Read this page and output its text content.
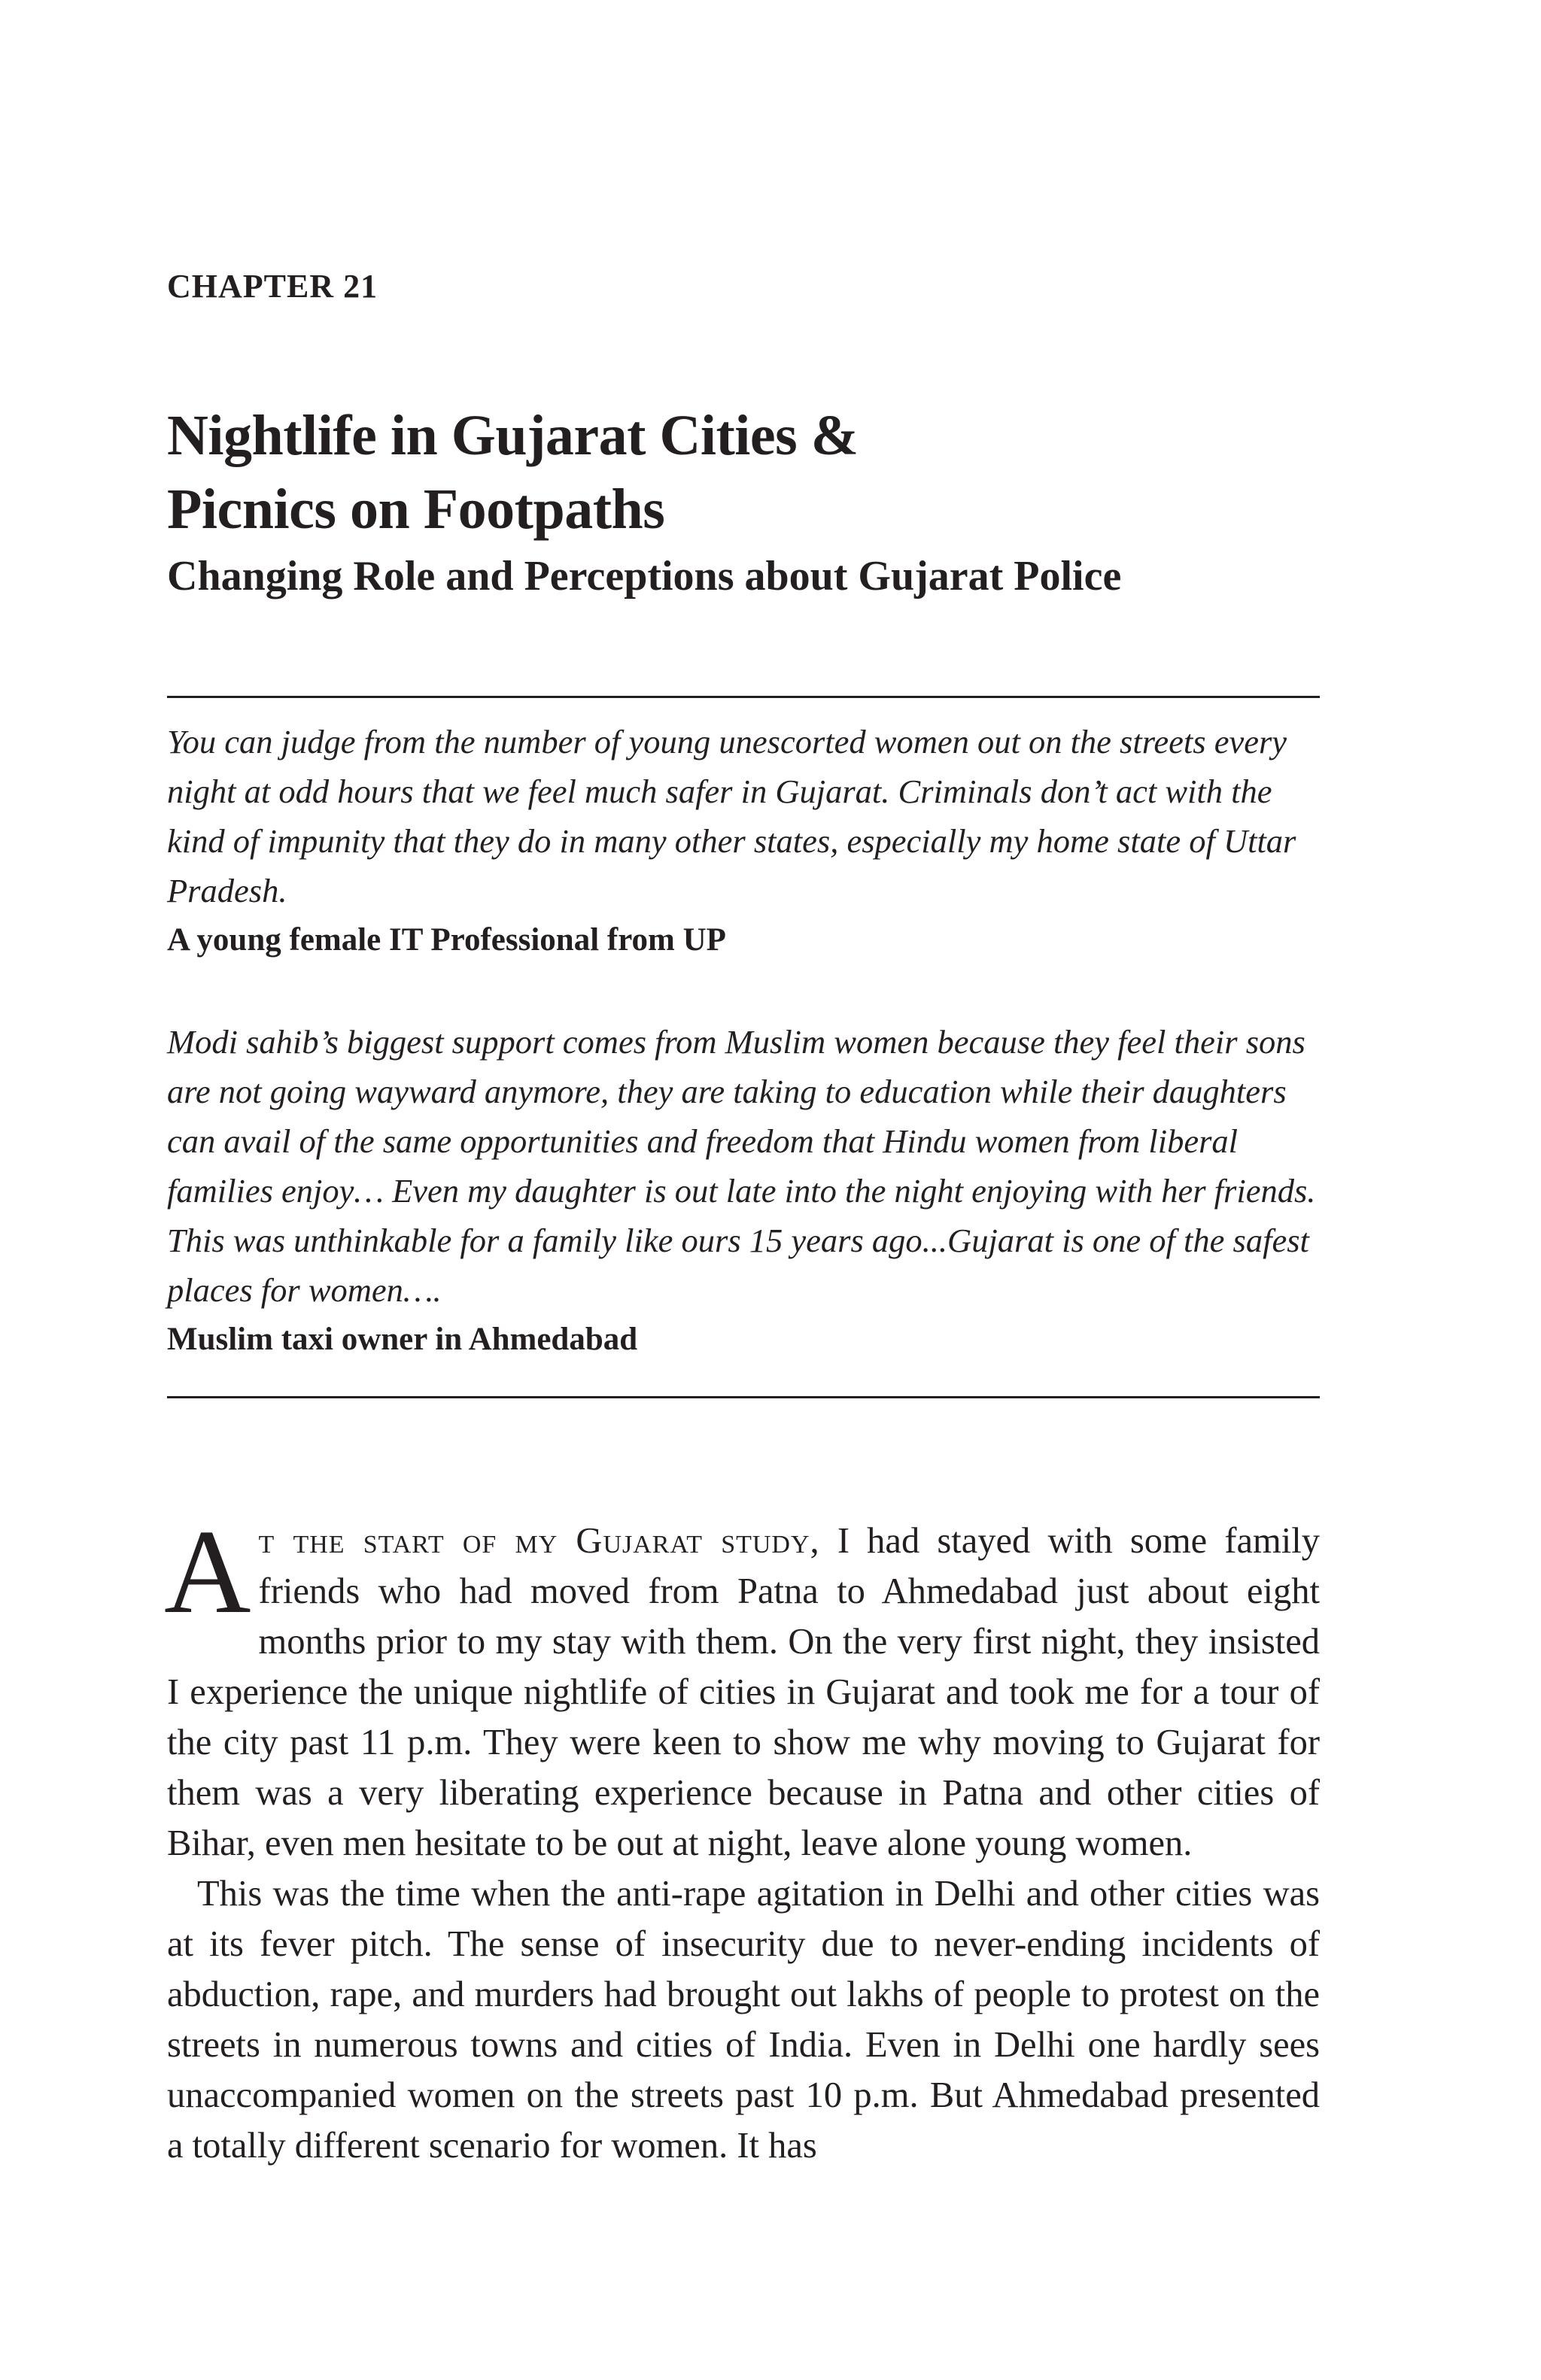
CHAPTER 21
Nightlife in Gujarat Cities &
Picnics on Footpaths
Changing Role and Perceptions about Gujarat Police

You can judge from the number of young unescorted women out on the streets every night at odd hours that we feel much safer in Gujarat. Criminals don’t act with the kind of impunity that they do in many other states, especially my home state of Uttar Pradesh.

A young female IT Professional from UP

Modi sahib’s biggest support comes from Muslim women because they feel their sons are not going wayward anymore, they are taking to education while their daughters can avail of the same opportunities and freedom that Hindu women from liberal families enjoy… Even my daughter is out late into the night enjoying with her friends. This was unthinkable for a family like ours 15 years ago...Gujarat is one of the safest places for women….

Muslim taxi owner in Ahmedabad

At the start of my Gujarat study, I had stayed with some family friends who had moved from Patna to Ahmedabad just about eight months prior to my stay with them. On the very first night, they insisted I experience the unique nightlife of cities in Gujarat and took me for a tour of the city past 11 p.m. They were keen to show me why moving to Gujarat for them was a very liberating experience because in Patna and other cities of Bihar, even men hesitate to be out at night, leave alone young women.

This was the time when the anti-rape agitation in Delhi and other cities was at its fever pitch. The sense of insecurity due to never-ending incidents of abduction, rape, and murders had brought out lakhs of people to protest on the streets in numerous towns and cities of India. Even in Delhi one hardly sees unaccompanied women on the streets past 10 p.m. But Ahmedabad presented a totally different scenario for women. It has
